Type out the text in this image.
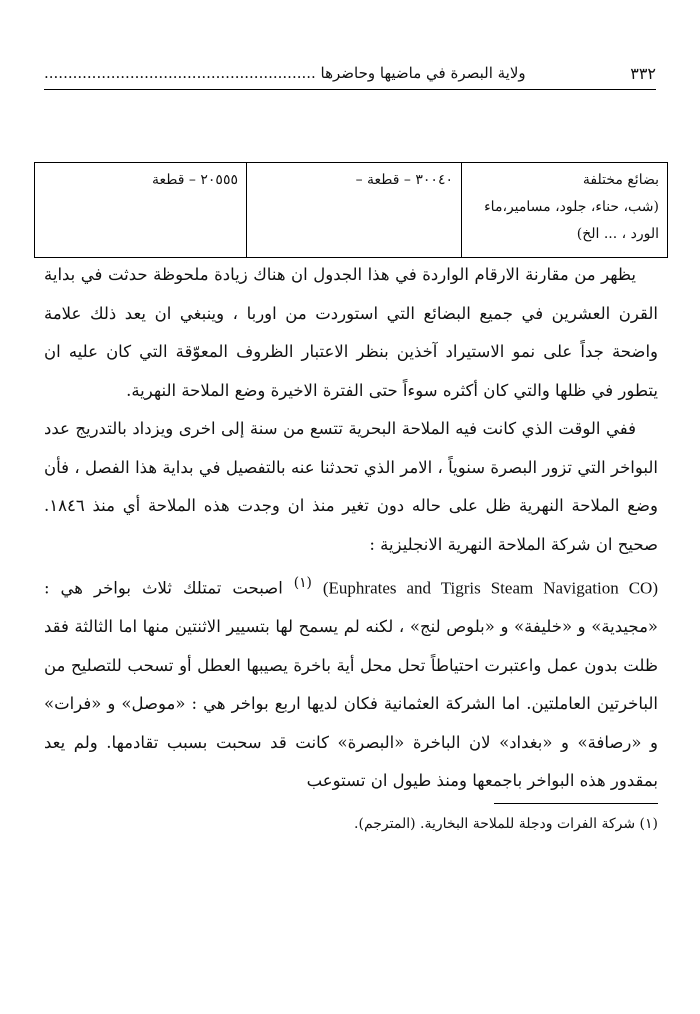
٣٣٢
ولاية البصرة في ماضيها وحاضرها .........................................................
بضائع مختلفة
(شب، حناء، جلود، مسامير،ماء الورد ، ... الخ)	٣٠٠٤٠ – قطعة –	٢٠٥٥٥ – قطعة

يظهر من مقارنة الارقام الواردة في هذا الجدول ان هناك زيادة ملحوظة حدثت في بداية القرن العشرين في جميع البضائع التي استوردت من اوربا ، وينبغي ان يعد ذلك علامة واضحة جداً على نمو الاستيراد آخذين بنظر الاعتبار الظروف المعوّقة التي كان عليه ان يتطور في ظلها والتي كان أكثره سوءاً حتى الفترة الاخيرة وضع الملاحة النهرية.

ففي الوقت الذي كانت فيه الملاحة البحرية تتسع من سنة إلى اخرى ويزداد بالتدريج عدد البواخر التي تزور البصرة سنوياً ، الامر الذي تحدثنا عنه بالتفصيل في بداية هذا الفصل ، فأن وضع الملاحة النهرية ظل على حاله دون تغير منذ ان وجدت هذه الملاحة أي منذ ١٨٤٦. صحيح ان شركة الملاحة النهرية الانجليزية :

(Euphrates and Tigris Steam Navigation CO) $^{(١)}$ اصبحت تمتلك ثلاث بواخر هي : «مجيدية» و «خليفة» و «بلوص لنج» ، لكنه لم يسمح لها بتسيير الاثنتين منها اما الثالثة فقد ظلت بدون عمل واعتبرت احتياطاً تحل محل أية باخرة يصيبها العطل أو تسحب للتصليح من الباخرتين العاملتين. اما الشركة العثمانية فكان لديها اربع بواخر هي : «موصل» و «فرات» و «رصافة» و «بغداد» لان الباخرة «البصرة» كانت قد سحبت بسبب تقادمها. ولم يعد بمقدور هذه البواخر باجمعها ومنذ طيول ان تستوعب

(١) شركة الفرات ودجلة للملاحة البخارية. (المترجم).
